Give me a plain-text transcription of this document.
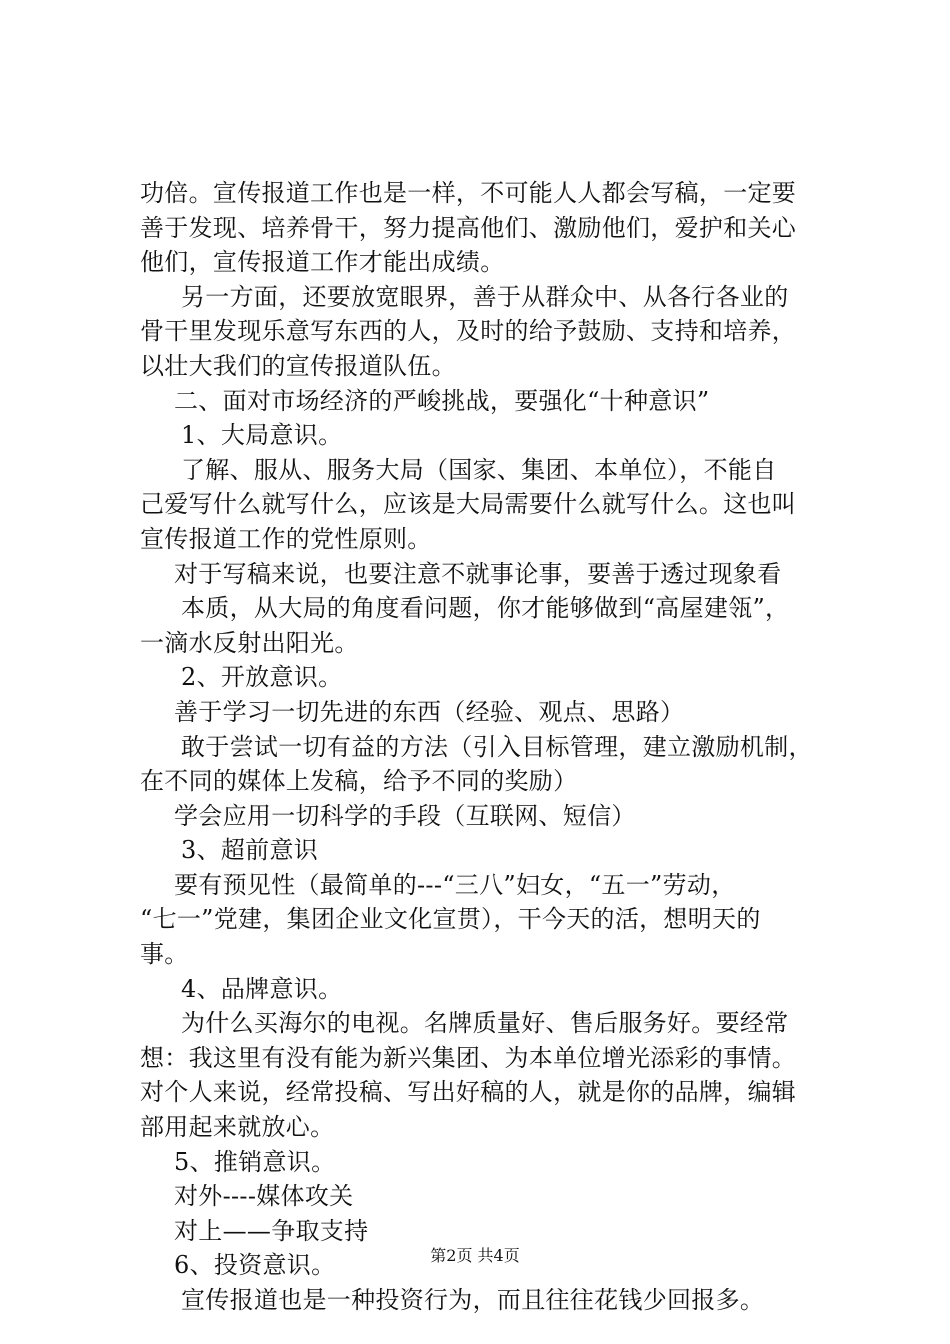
功倍。宣传报道工作也是一样，不可能人人都会写稿，一定要
善于发现、培养骨干，努力提高他们、激励他们，爱护和关心
他们，宣传报道工作才能出成绩。
另一方面，还要放宽眼界，善于从群众中、从各行各业的
骨干里发现乐意写东西的人，及时的给予鼓励、支持和培养，
以壮大我们的宣传报道队伍。
二、面对市场经济的严峻挑战，要强化“十种意识”
1、大局意识。
了解、服从、服务大局（国家、集团、本单位），不能自
己爱写什么就写什么，应该是大局需要什么就写什么。这也叫
宣传报道工作的党性原则。
对于写稿来说，也要注意不就事论事，要善于透过现象看
本质，从大局的角度看问题，你才能够做到“高屋建瓴”，
一滴水反射出阳光。
2、开放意识。
善于学习一切先进的东西（经验、观点、思路）
敢于尝试一切有益的方法（引入目标管理，建立激励机制，
在不同的媒体上发稿，给予不同的奖励）
学会应用一切科学的手段（互联网、短信）
3、超前意识
要有预见性（最简单的---“三八”妇女，“五一”劳动，
“七一”党建，集团企业文化宣贯），干今天的活，想明天的
事。
4、品牌意识。
为什么买海尔的电视。名牌质量好、售后服务好。要经常
想：我这里有没有能为新兴集团、为本单位增光添彩的事情。
对个人来说，经常投稿、写出好稿的人，就是你的品牌，编辑
部用起来就放心。
5、推销意识。
对外----媒体攻关
对上——争取支持
6、投资意识。
宣传报道也是一种投资行为，而且往往花钱少回报多。
第2页 共4页
